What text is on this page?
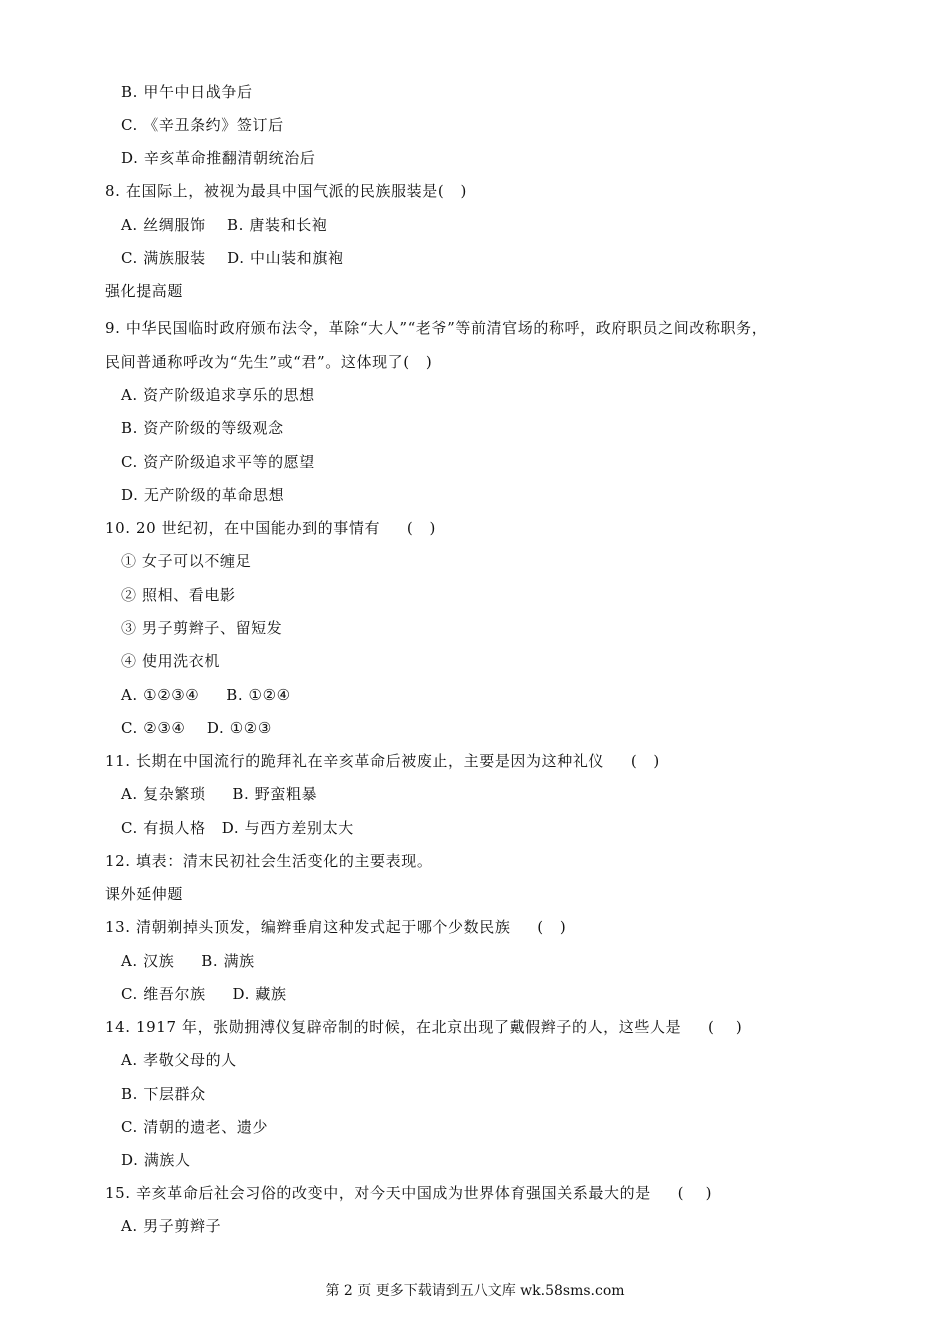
B. 甲午中日战争后
C. 《辛丑条约》签订后
D. 辛亥革命推翻清朝统治后
8. 在国际上，被视为最具中国气派的民族服装是(   )
A. 丝绸服饰    B. 唐装和长袍
C. 满族服装    D. 中山装和旗袍
强化提高题
9. 中华民国临时政府颁布法令，革除“大人”“老爷”等前清官场的称呼，政府职员之间改称职务，
民间普通称呼改为“先生”或“君”。这体现了(   )
A. 资产阶级追求享乐的思想
B. 资产阶级的等级观念
C. 资产阶级追求平等的愿望
D. 无产阶级的革命思想
10. 20 世纪初，在中国能办到的事情有     (   )
① 女子可以不缠足
② 照相、看电影
③ 男子剪辫子、留短发
④ 使用洗衣机
A. ①②③④     B. ①②④
C. ②③④    D. ①②③
11. 长期在中国流行的跪拜礼在辛亥革命后被废止，主要是因为这种礼仪     (   )
A. 复杂繁琐     B. 野蛮粗暴
C. 有损人格   D. 与西方差别太大
12. 填表：清末民初社会生活变化的主要表现。
课外延伸题
13. 清朝剃掉头顶发，编辫垂肩这种发式起于哪个少数民族     (   )
A. 汉族     B. 满族
C. 维吾尔族     D. 藏族
14. 1917 年，张勋拥溥仪复辟帝制的时候，在北京出现了戴假辫子的人，这些人是     (    )
A. 孝敬父母的人
B. 下层群众
C. 清朝的遗老、遗少
D. 满族人
15. 辛亥革命后社会习俗的改变中，对今天中国成为世界体育强国关系最大的是     (    )
A. 男子剪辫子
第 2 页 更多下载请到五八文库 wk.58sms.com
